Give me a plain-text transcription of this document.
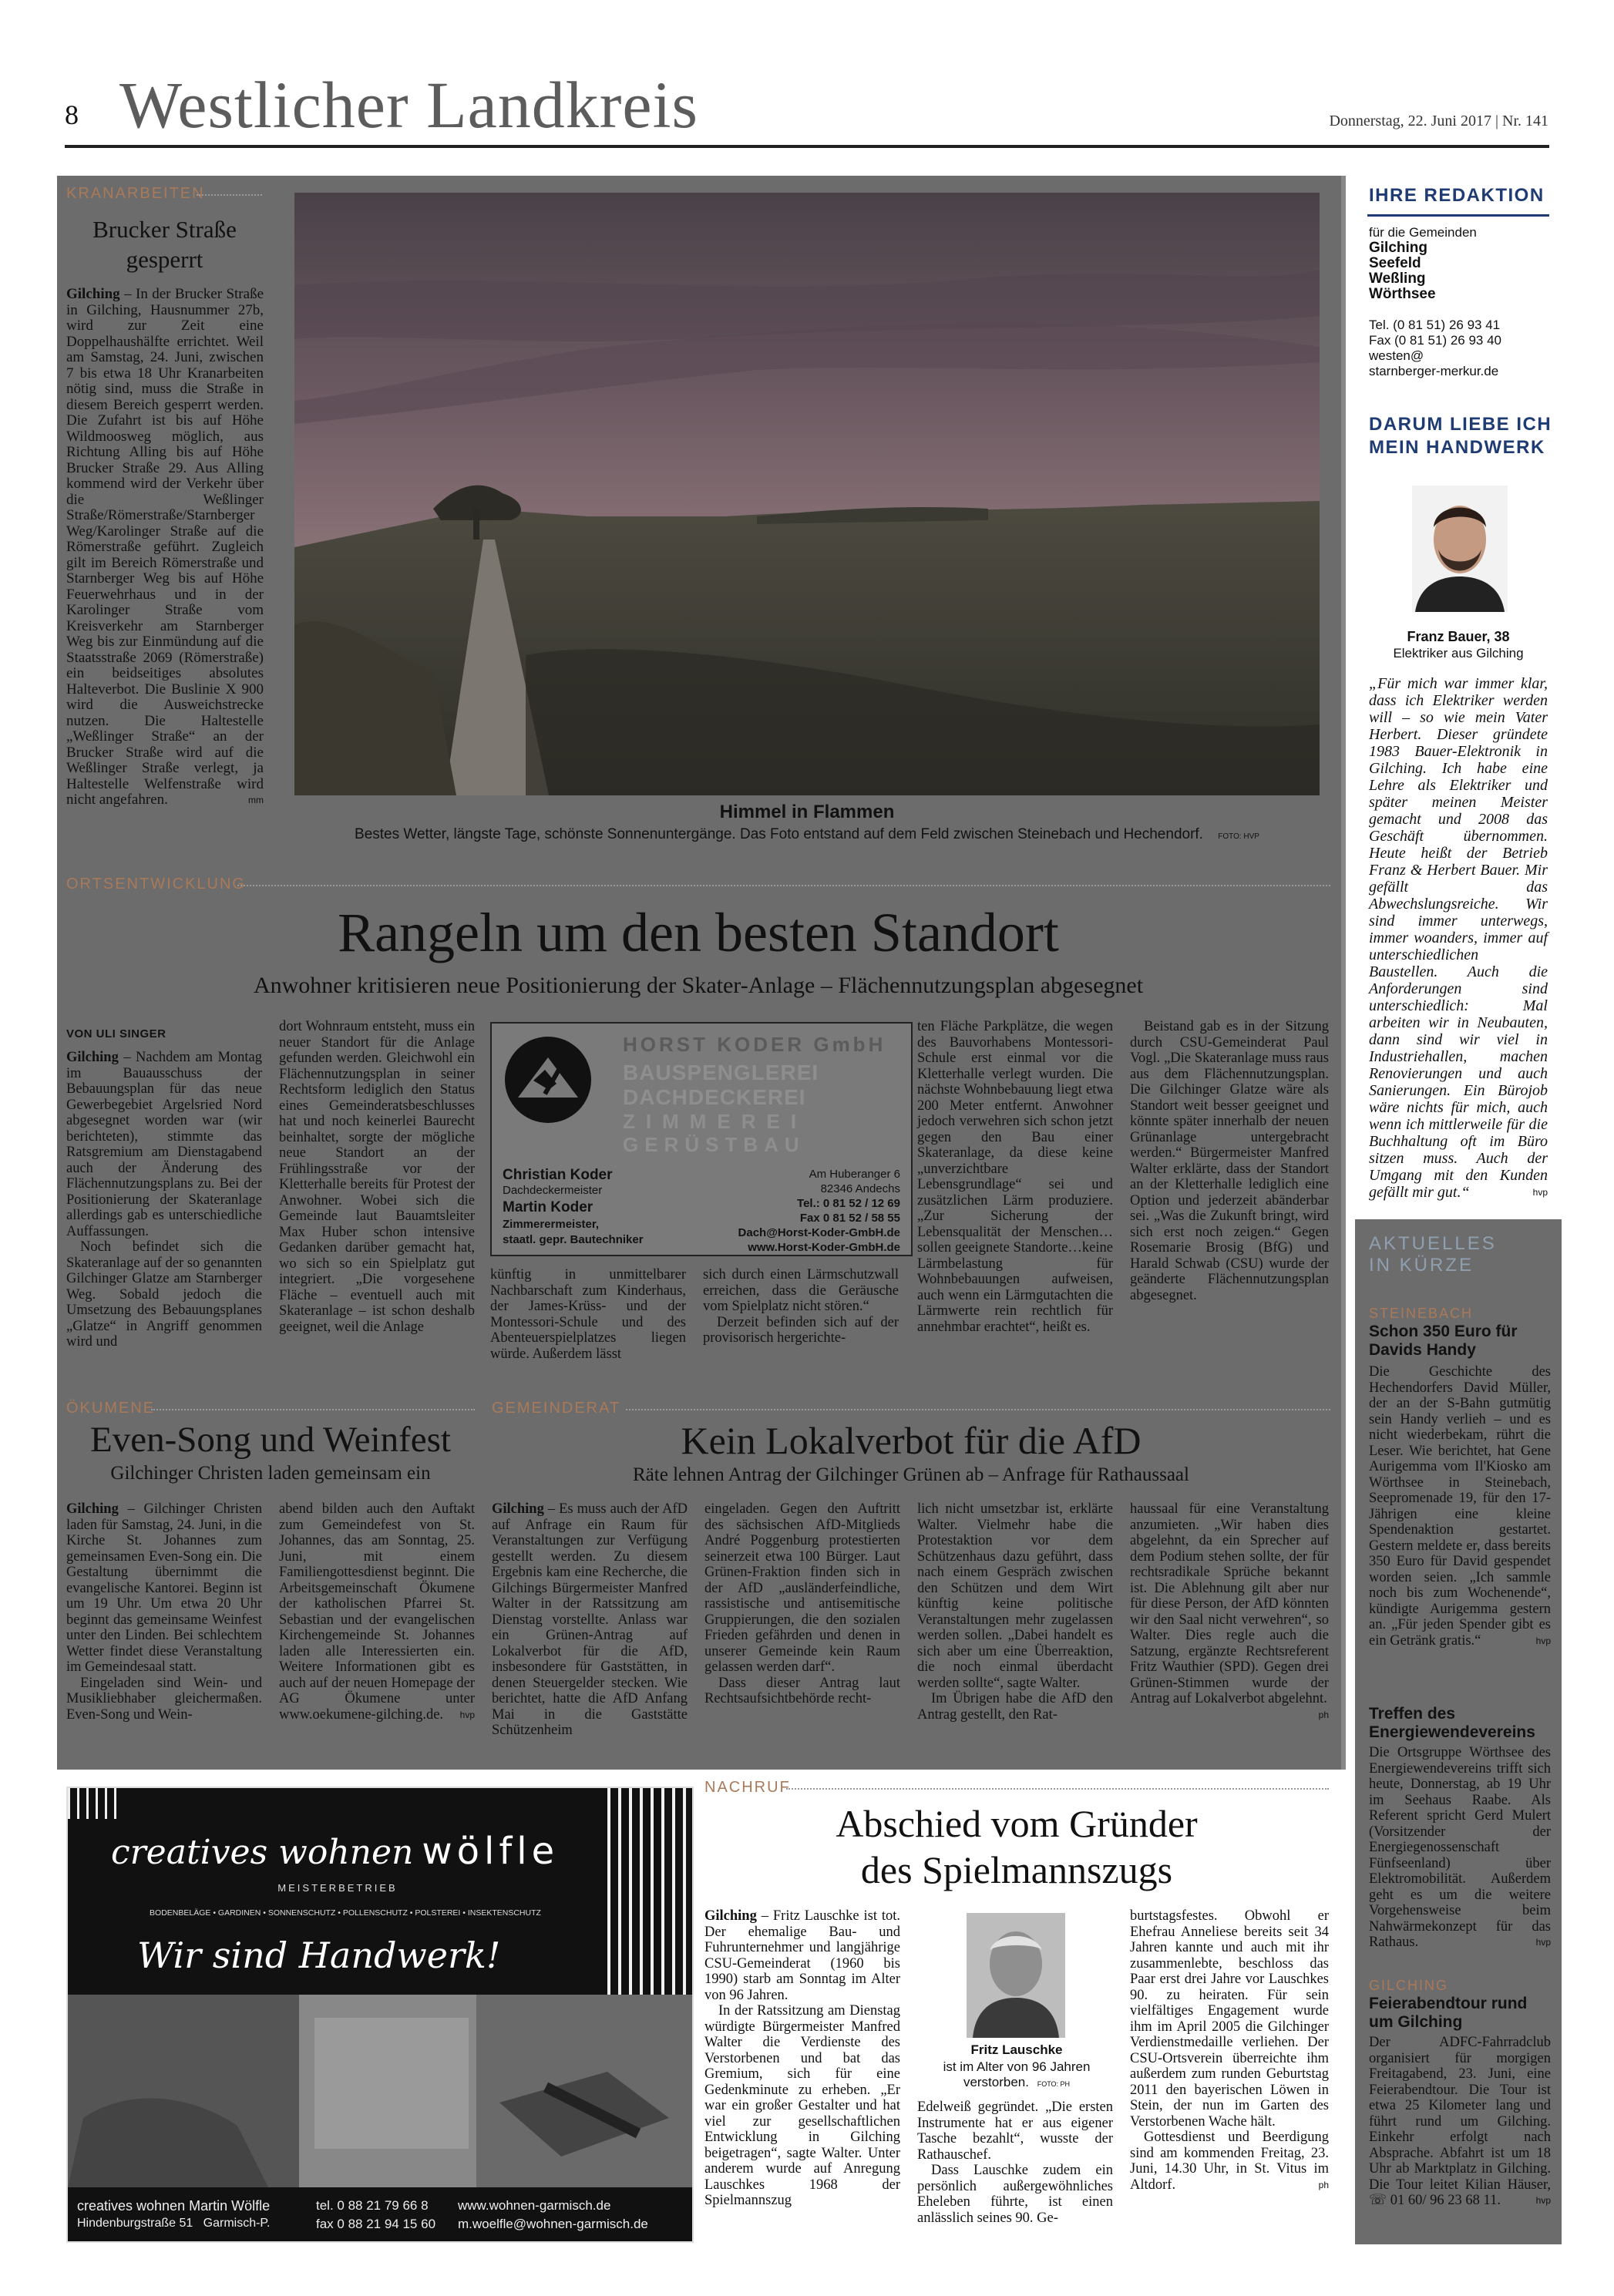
8 Westlicher Landkreis	Donnerstag, 22. Juni 2017 | Nr. 141
KRANARBEITEN
Brucker Straße gesperrt

Gilching – In der Brucker Straße in Gilching, Hausnummer 27b, wird zur Zeit eine Doppelhaushälfte errichtet. Weil am Samstag, 24. Juni, zwischen 7 bis etwa 18 Uhr Kranarbeiten nötig sind, muss die Straße in diesem Bereich gesperrt werden. Die Zufahrt ist bis auf Höhe Wildmoosweg möglich, aus Richtung Alling bis auf Höhe Brucker Straße 29. Aus Alling kommend wird der Verkehr über die Weßlinger Straße/Römerstraße/Starnberger Weg/Karolinger Straße auf die Römerstraße geführt. Zugleich gilt im Bereich Römerstraße und Starnberger Weg bis auf Höhe Feuerwehrhaus und in der Karolinger Straße vom Kreisverkehr am Starnberger Weg bis zur Einmündung auf die Staatsstraße 2069 (Römerstraße) ein beidseitiges absolutes Halteverbot. Die Buslinie X 900 wird die Ausweichstrecke nutzen. Die Haltestelle „Weßlinger Straße“ an der Brucker Straße wird auf die Weßlinger Straße verlegt, ja Haltestelle Welfenstraße wird nicht angefahren.	mm

Himmel in Flammen
Bestes Wetter, längste Tage, schönste Sonnenuntergänge. Das Foto entstand auf dem Feld zwischen Steinebach und Hechendorf. FOTO: HVP
ORTSENTWICKLUNG
Rangeln um den besten Standort
Anwohner kritisieren neue Positionierung der Skater-Anlage – Flächennutzungsplan abgesegnet
VON ULI SINGER

Gilching – Nachdem am Montag im Bauausschuss der Bebauungsplan für das neue Gewerbegebiet Argelsried Nord abgesegnet worden war (wir berichteten), stimmte das Ratsgremium am Dienstagabend auch der Änderung des Flächennutzungsplans zu. Bei der Positionierung der Skateranlage allerdings gab es unterschiedliche Auffassungen.

Noch befindet sich die Skateranlage auf der so genannten Gilchinger Glatze am Starnberger Weg. Sobald jedoch die Umsetzung des Bebauungsplanes „Glatze“ in Angriff genommen wird und

dort Wohnraum entsteht, muss ein neuer Standort für die Anlage gefunden werden. Gleichwohl ein Flächennutzungsplan in seiner Rechtsform lediglich den Status eines Gemeinderatsbeschlusses hat und noch keinerlei Baurecht beinhaltet, sorgte der mögliche neue Standort an der Frühlingsstraße vor der Kletterhalle bereits für Protest der Anwohner. Wobei sich die Gemeinde laut Bauamtsleiter Max Huber schon intensive Gedanken darüber gemacht hat, wo sich so ein Spielplatz gut integriert. „Die vorgesehene Fläche – eventuell auch mit Skateranlage – ist schon deshalb geeignet, weil die Anlage

HORST KODER GmbH
BAUSPENGLEREI
DACHDECKEREI
ZIMMEREI
GERÜSTBAU
Christian Koder
Dachdeckermeister
Martin Koder
Zimmerermeister,
staatl. gepr. Bautechniker
Am Huberanger 6
82346 Andechs
Tel.: 0 81 52 / 12 69
Fax 0 81 52 / 58 55
Dach@Horst-Koder-GmbH.de
www.Horst-Koder-GmbH.de

künftig in unmittelbarer Nachbarschaft zum Kinderhaus, der James-Krüss- und der Montessori-Schule und des Abenteuerspielplatzes liegen würde. Außerdem lässt

sich durch einen Lärmschutzwall erreichen, dass die Geräusche vom Spielplatz nicht stören.“

Derzeit befinden sich auf der provisorisch hergerichte-

ten Fläche Parkplätze, die wegen des Bauvorhabens Montessori-Schule erst einmal vor die Kletterhalle verlegt wurden. Die nächste Wohnbebauung liegt etwa 200 Meter entfernt. Anwohner jedoch verwehren sich schon jetzt gegen den Bau einer Skateranlage, da diese keine „unverzichtbare Lebensgrundlage“ sei und zusätzlichen Lärm produziere. „Zur Sicherung der Lebensqualität der Menschen…sollen geeignete Standorte…keine Lärmbelastung für Wohnbebauungen aufweisen, auch wenn ein Lärmgutachten die Lärmwerte rein rechtlich für annehmbar erachtet“, heißt es.

Beistand gab es in der Sitzung durch CSU-Gemeinderat Paul Vogl. „Die Skateranlage muss raus aus dem Flächennutzungsplan. Die Gilchinger Glatze wäre als Standort weit besser geeignet und könnte später innerhalb der neuen Grünanlage untergebracht werden.“ Bürgermeister Manfred Walter erklärte, dass der Standort an der Kletterhalle lediglich eine Option und jederzeit abänderbar sei. „Was die Zukunft bringt, wird sich erst noch zeigen.“ Gegen Rosemarie Brosig (BfG) und Harald Schwab (CSU) wurde der geänderte Flächennutzungsplan abgesegnet.

ÖKUMENE
Even-Song und Weinfest
Gilchinger Christen laden gemeinsam ein

Gilching – Gilchinger Christen laden für Samstag, 24. Juni, in die Kirche St. Johannes zum gemeinsamen Even-Song ein. Die Gestaltung übernimmt die evangelische Kantorei. Beginn ist um 19 Uhr. Um etwa 20 Uhr beginnt das gemeinsame Weinfest unter den Linden. Bei schlechtem Wetter findet diese Veranstaltung im Gemeindesaal statt.

Eingeladen sind Wein- und Musikliebhaber gleichermaßen. Even-Song und Wein-

abend bilden auch den Auftakt zum Gemeindefest von St. Johannes, das am Sonntag, 25. Juni, mit einem Familiengottesdienst beginnt. Die Arbeitsgemeinschaft Ökumene der katholischen Pfarrei St. Sebastian und der evangelischen Kirchengemeinde St. Johannes laden alle Interessierten ein. Weitere Informationen gibt es auch auf der neuen Homepage der AG Ökumene unter www.oekumene-gilching.de. hvp

GEMEINDERAT
Kein Lokalverbot für die AfD
Räte lehnen Antrag der Gilchinger Grünen ab – Anfrage für Rathaussaal

Gilching – Es muss auch der AfD auf Anfrage ein Raum für Veranstaltungen zur Verfügung gestellt werden. Zu diesem Ergebnis kam eine Recherche, die Gilchings Bürgermeister Manfred Walter in der Ratssitzung am Dienstag vorstellte. Anlass war ein Grünen-Antrag auf Lokalverbot für die AfD, insbesondere für Gaststätten, in denen Steuergelder stecken. Wie berichtet, hatte die AfD Anfang Mai in die Gaststätte Schützenheim

eingeladen. Gegen den Auftritt des sächsischen AfD-Mitglieds André Poggenburg protestierten seinerzeit etwa 100 Bürger. Laut Grünen-Fraktion finden sich in der AfD „ausländerfeindliche, rassistische und antisemitische Gruppierungen, die den sozialen Frieden gefährden und denen in unserer Gemeinde kein Raum gelassen werden darf“.

Dass dieser Antrag laut Rechtsaufsichtbehörde recht-

lich nicht umsetzbar ist, erklärte Walter. Vielmehr habe die Protestaktion vor dem Schützenhaus dazu geführt, dass nach einem Gespräch zwischen den Schützen und dem Wirt künftig keine politische Veranstaltungen mehr zugelassen werden sollen. „Dabei handelt es sich aber um eine Überreaktion, die noch einmal überdacht werden sollte“, sagte Walter.

Im Übrigen habe die AfD den Antrag gestellt, den Rat-

haussaal für eine Veranstaltung anzumieten. „Wir haben dies abgelehnt, da ein Sprecher auf dem Podium stehen sollte, der für rechtsradikale Sprüche bekannt ist. Die Ablehnung gilt aber nur für diese Person, der AfD könnten wir den Saal nicht verwehren“, so Walter. Dies regle auch die Satzung, ergänzte Rechtsreferent Fritz Wauthier (SPD). Gegen drei Grünen-Stimmen wurde der Antrag auf Lokalverbot abgelehnt.
ph

creatives wohnen wölfle
MEISTERBETRIEB
BODENBELÄGE • GARDINEN • SONNENSCHUTZ • POLLENSCHUTZ • POLSTEREI • INSEKTENSCHUTZ
Wir sind Handwerk!
creatives wohnen Martin Wölfle
Hindenburgstraße 51   Garmisch-P.
tel. 0 88 21 79 66 8
fax 0 88 21 94 15 60
www.wohnen-garmisch.de
m.woelfle@wohnen-garmisch.de
NACHRUF
Abschied vom Gründer
des Spielmannszugs

Gilching – Fritz Lauschke ist tot. Der ehemalige Bau- und Fuhrunternehmer und langjährige CSU-Gemeinderat (1960 bis 1990) starb am Sonntag im Alter von 96 Jahren.

In der Ratssitzung am Dienstag würdigte Bürgermeister Manfred Walter die Verdienste des Verstorbenen und bat das Gremium, sich für eine Gedenkminute zu erheben. „Er war ein großer Gestalter und hat viel zur gesellschaftlichen Entwicklung in Gilching beigetragen“, sagte Walter. Unter anderem wurde auf Anregung Lauschkes 1968 der Spielmannszug

Fritz Lauschke
ist im Alter von 96 Jahren verstorben. FOTO: PH

Edelweiß gegründet. „Die ersten Instrumente hat er aus eigener Tasche bezahlt“, wusste der Rathauschef.

Dass Lauschke zudem ein persönlich außergewöhnliches Eheleben führte, ist einen anlässlich seines 90. Ge-

burtstagsfestes. Obwohl er Ehefrau Anneliese bereits seit 34 Jahren kannte und auch mit ihr zusammenlebte, beschloss das Paar erst drei Jahre vor Lauschkes 90. zu heiraten. Für sein vielfältiges Engagement wurde ihm im April 2005 die Gilchinger Verdienstmedaille verliehen. Der CSU-Ortsverein überreichte ihm außerdem zum runden Geburtstag 2011 den bayerischen Löwen in Stein, der nun im Garten des Verstorbenen Wache hält.

Gottesdienst und Beerdigung sind am kommenden Freitag, 23. Juni, 14.30 Uhr, in St. Vitus im Altdorf.	ph

IHRE REDAKTION
für die Gemeinden
Gilching
Seefeld
Weßling
Wörthsee
Tel. (0 81 51) 26 93 41
Fax (0 81 51) 26 93 40
westen@
starnberger-merkur.de
DARUM LIEBE ICH
MEIN HANDWERK
Franz Bauer, 38
Elektriker aus Gilching
„Für mich war immer klar, dass ich Elektriker werden will – so wie mein Vater Herbert. Dieser gründete 1983 Bauer-Elektronik in Gilching. Ich habe eine Lehre als Elektriker und später meinen Meister gemacht und 2008 das Geschäft übernommen. Heute heißt der Betrieb Franz & Herbert Bauer. Mir gefällt das Abwechslungsreiche. Wir sind immer unterwegs, immer woanders, immer auf unterschiedlichen Baustellen. Auch die Anforderungen sind unterschiedlich: Mal arbeiten wir in Neubauten, dann sind wir viel in Industriehallen, machen Renovierungen und auch Sanierungen. Ein Bürojob wäre nichts für mich, auch wenn ich mittlerweile für die Buchhaltung oft im Büro sitzen muss. Auch der Umgang mit den Kunden gefällt mir gut.“	hvp
AKTUELLES
IN KÜRZE
STEINEBACH
Schon 350 Euro für Davids Handy

Die Geschichte des Hechendorfers David Müller, der an der S-Bahn gutmütig sein Handy verlieh – und es nicht wiederbekam, rührt die Leser. Wie berichtet, hat Gene Aurigemma vom Il'Kiosko am Wörthsee in Steinebach, Seepromenade 19, für den 17-Jährigen eine kleine Spendenaktion gestartet. Gestern meldete er, dass bereits 350 Euro für David gespendet worden seien. „Ich sammle noch bis zum Wochenende“, kündigte Aurigemma gestern an. „Für jeden Spender gibt es ein Getränk gratis.“	hvp

Treffen des Energiewendevereins

Die Ortsgruppe Wörthsee des Energiewendevereins trifft sich heute, Donnerstag, ab 19 Uhr im Seehaus Raabe. Als Referent spricht Gerd Mulert (Vorsitzender der Energiegenossenschaft Fünfseenland) über Elektromobilität. Außerdem geht es um die weitere Vorgehensweise beim Nahwärmekonzept für das Rathaus.	hvp

GILCHING
Feierabendtour rund um Gilching

Der ADFC-Fahrradclub organisiert für morgigen Freitagabend, 23. Juni, eine Feierabendtour. Die Tour ist etwa 25 Kilometer lang und führt rund um Gilching. Einkehr erfolgt nach Absprache. Abfahrt ist um 18 Uhr ab Marktplatz in Gilching. Die Tour leitet Kilian Häuser, ☏ 01 60/ 96 23 68 11.	hvp
